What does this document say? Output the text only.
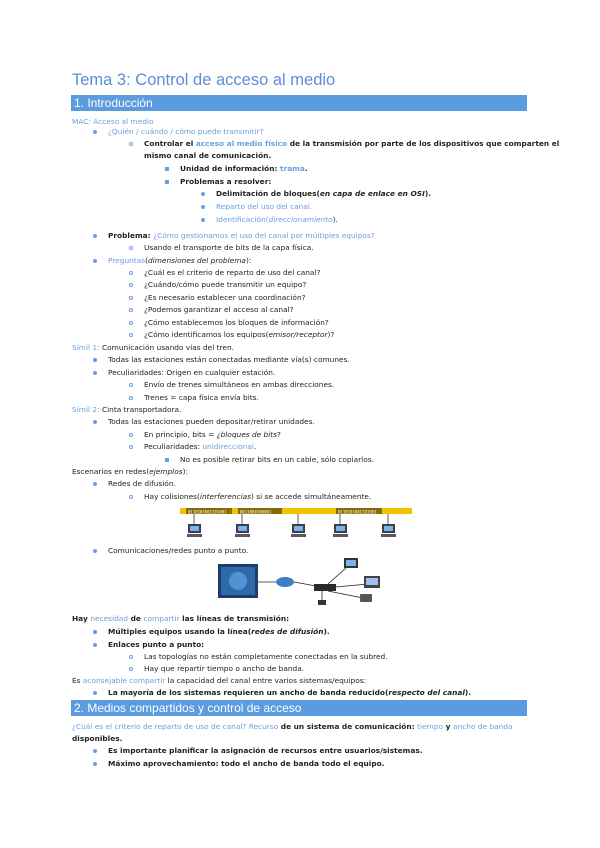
Tema 3: Control de acceso al medio
1. Introducción
MAC: Acceso al medio
¿Quién / cuándo / cómo puede transmitir?
Controlar el acceso al medio físico de la transmisión por parte de los dispositivos que comparten el
mismo canal de comunicación.
Unidad de información: trama.
Problemas a resolver:
Delimitación de bloques(en capa de enlace en OSI).
Reparto del uso del canal.
Identificación(direccionamiento).
Problema: ¿Cómo gestionamos el uso del canal por múltiples equipos?
Usando el transporte de bits de la capa física.
Preguntas(dimensiones del problema):
¿Cuál es el criterio de reparto de uso del canal?
¿Cuándo/cómo puede transmitir un equipo?
¿Es necesario establecer una coordinación?
¿Podemos garantizar el acceso al canal?
¿Cómo establecemos los bloques de información?
¿Cómo identificamos los equipos(emisor/receptor)?
Símil 1: Comunicación usando vías del tren.
Todas las estaciones están conectadas mediante vía(s) comunes.
Peculiaridades: Origen en cualquier estación.
Envío de trenes simultáneos en ambas direcciones.
Trenes = capa física envía bits.
Símil 2: Cinta transportadora.
Todas las estaciones pueden depositar/retirar unidades.
En principio, bits = ¿bloques de bits?
Peculiaridades: unidireccional.
No es posible retirar bits en un cable, sólo copiarlos.
Escenarios en redes(ejemplos):
Redes de difusión.
Hay colisiones(interferencias) si se accede simultáneamente.
0110101001101001	0011000100001	0110101001101001
Comunicaciones/redes punto a punto.
Hay necesidad de compartir las líneas de transmisión:
Múltiples equipos usando la línea(redes de difusión).
Enlaces punto a punto:
Las topologías no están completamente conectadas en la subred.
Hay que repartir tiempo o ancho de banda.
Es aconsejable compartir la capacidad del canal entre varios sistemas/equipos:
La mayoría de los sistemas requieren un ancho de banda reducido(respecto del canal).
2. Medios compartidos y control de acceso
¿Cuál es el criterio de reparto de uso de canal? Recurso de un sistema de comunicación: tiempo y ancho de banda
disponibles.
Es importante planificar la asignación de recursos entre usuarios/sistemas.
Máximo aprovechamiento: todo el ancho de banda todo el equipo.
